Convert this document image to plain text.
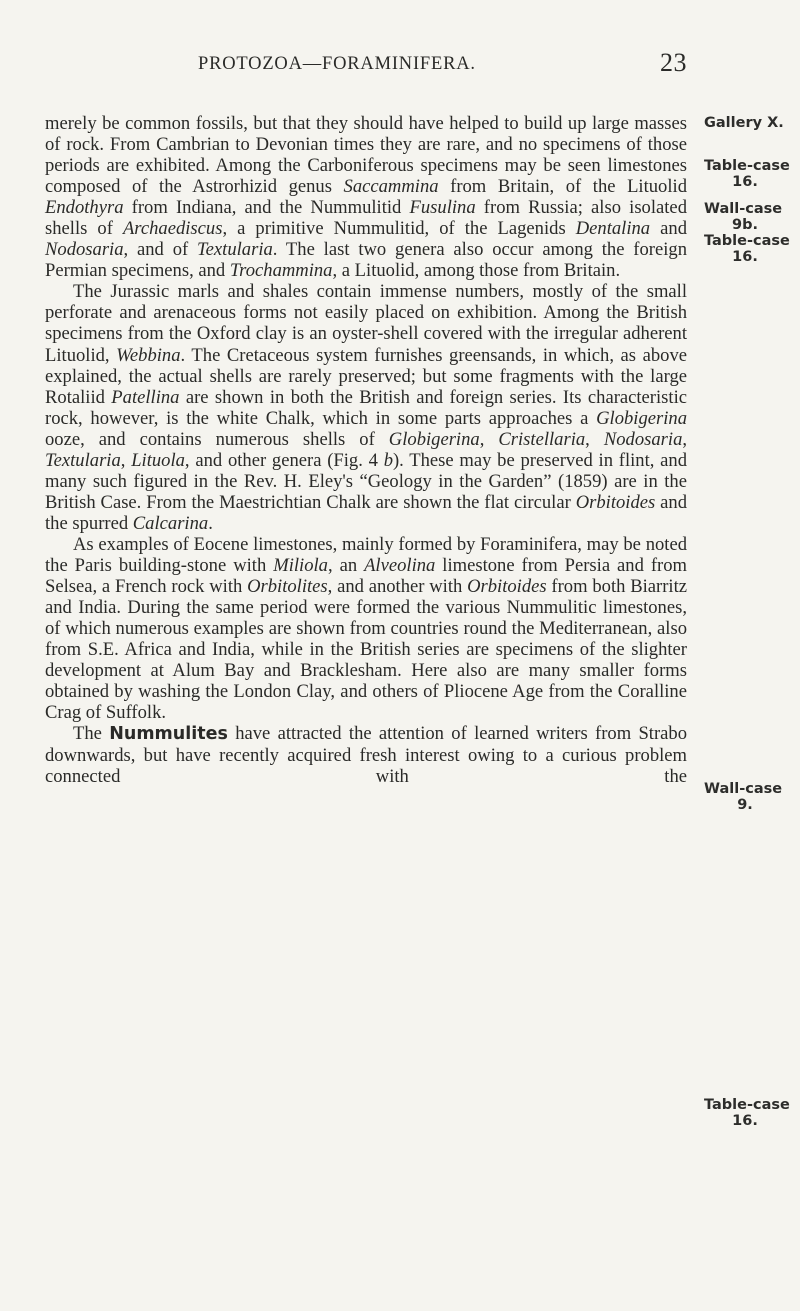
PROTOZOA—FORAMINIFERA.	23

merely be common fossils, but that they should have helped to build up large masses of rock. From Cambrian to Devonian times they are rare, and no specimens of those periods are exhibited. Among the Carboniferous specimens may be seen limestones composed of the Astrorhizid genus Saccammina from Britain, of the Lituolid Endothyra from Indiana, and the Nummulitid Fusulina from Russia; also isolated shells of Archaediscus, a primitive Nummulitid, of the Lagenids Dentalina and Nodosaria, and of Textularia. The last two genera also occur among the foreign Permian specimens, and Trochammina, a Lituolid, among those from Britain.

The Jurassic marls and shales contain immense numbers, mostly of the small perforate and arenaceous forms not easily placed on exhibition. Among the British specimens from the Oxford clay is an oyster-shell covered with the irregular adherent Lituolid, Webbina. The Cretaceous system furnishes greensands, in which, as above explained, the actual shells are rarely preserved; but some fragments with the large Rotaliid Patellina are shown in both the British and foreign series. Its characteristic rock, however, is the white Chalk, which in some parts approaches a Globigerina ooze, and contains numerous shells of Globigerina, Cristellaria, Nodosaria, Textularia, Lituola, and other genera (Fig. 4 b). These may be preserved in flint, and many such figured in the Rev. H. Eley's “Geology in the Garden” (1859) are in the British Case. From the Maestrichtian Chalk are shown the flat circular Orbitoides and the spurred Calcarina.

As examples of Eocene limestones, mainly formed by Foraminifera, may be noted the Paris building-stone with Miliola, an Alveolina limestone from Persia and from Selsea, a French rock with Orbitolites, and another with Orbitoides from both Biarritz and India. During the same period were formed the various Nummulitic limestones, of which numerous examples are shown from countries round the Mediterranean, also from S.E. Africa and India, while in the British series are specimens of the slighter development at Alum Bay and Bracklesham. Here also are many smaller forms obtained by washing the London Clay, and others of Pliocene Age from the Coralline Crag of Suffolk.

The Nummulites have attracted the attention of learned writers from Strabo downwards, but have recently acquired fresh interest owing to a curious problem connected with the

Gallery X.
Table-case
16.
Wall-case
9b.
Table-case
16.
Wall-case
9.
Table-case
16.
